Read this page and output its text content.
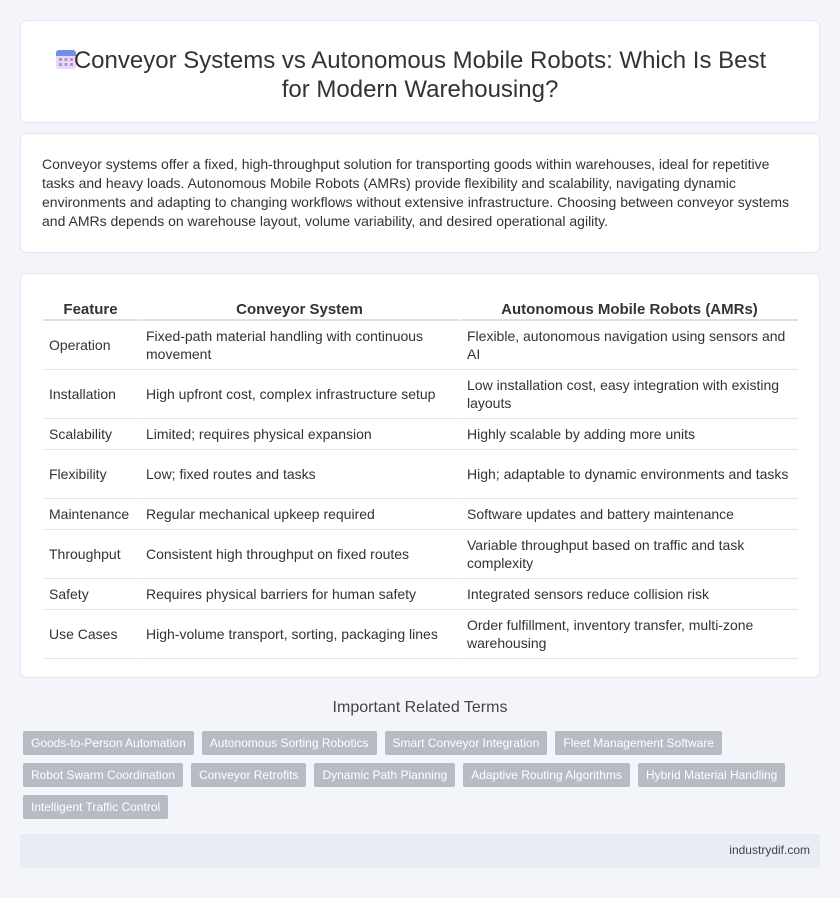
Conveyor Systems vs Autonomous Mobile Robots: Which Is Best for Modern Warehousing?

Conveyor systems offer a fixed, high-throughput solution for transporting goods within warehouses, ideal for repetitive tasks and heavy loads. Autonomous Mobile Robots (AMRs) provide flexibility and scalability, navigating dynamic environments and adapting to changing workflows without extensive infrastructure. Choosing between conveyor systems and AMRs depends on warehouse layout, volume variability, and desired operational agility.

Feature	Conveyor System	Autonomous Mobile Robots (AMRs)
Operation	Fixed-path material handling with continuous movement	Flexible, autonomous navigation using sensors and AI
Installation	High upfront cost, complex infrastructure setup	Low installation cost, easy integration with existing layouts
Scalability	Limited; requires physical expansion	Highly scalable by adding more units
Flexibility	Low; fixed routes and tasks	High; adaptable to dynamic environments and tasks
Maintenance	Regular mechanical upkeep required	Software updates and battery maintenance
Throughput	Consistent high throughput on fixed routes	Variable throughput based on traffic and task complexity
Safety	Requires physical barriers for human safety	Integrated sensors reduce collision risk
Use Cases	High-volume transport, sorting, packaging lines	Order fulfillment, inventory transfer, multi-zone warehousing
Important Related Terms
Goods-to-Person Automation	Autonomous Sorting Robotics	Smart Conveyor Integration	Fleet Management Software
Robot Swarm Coordination	Conveyor Retrofits	Dynamic Path Planning	Adaptive Routing Algorithms	Hybrid Material Handling
Intelligent Traffic Control
industrydif.com
